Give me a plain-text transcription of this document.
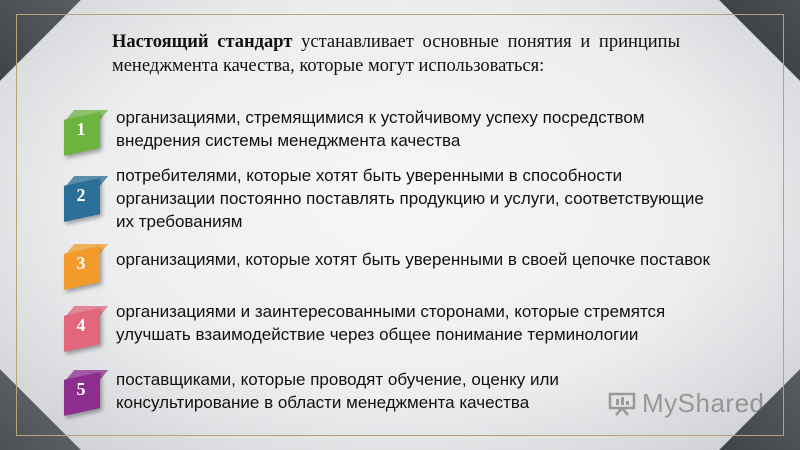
Настоящий стандарт устанавливает основные понятия и принципы менеджмента качества, которые могут использоваться:
1
организациями, стремящимися к устойчивому успеху посредством
внедрения системы менеджмента качества
2
потребителями, которые хотят быть уверенными в способности
организации постоянно поставлять продукцию и услуги, соответствующие
их требованиям
3	организациями, которые хотят быть уверенными в своей цепочке поставок
4
организациями и заинтересованными сторонами, которые стремятся
улучшать взаимодействие через общее понимание терминологии
5	поставщиками, которые проводят обучение, оценку или
консультирование в области менеджмента качества	MyShared
